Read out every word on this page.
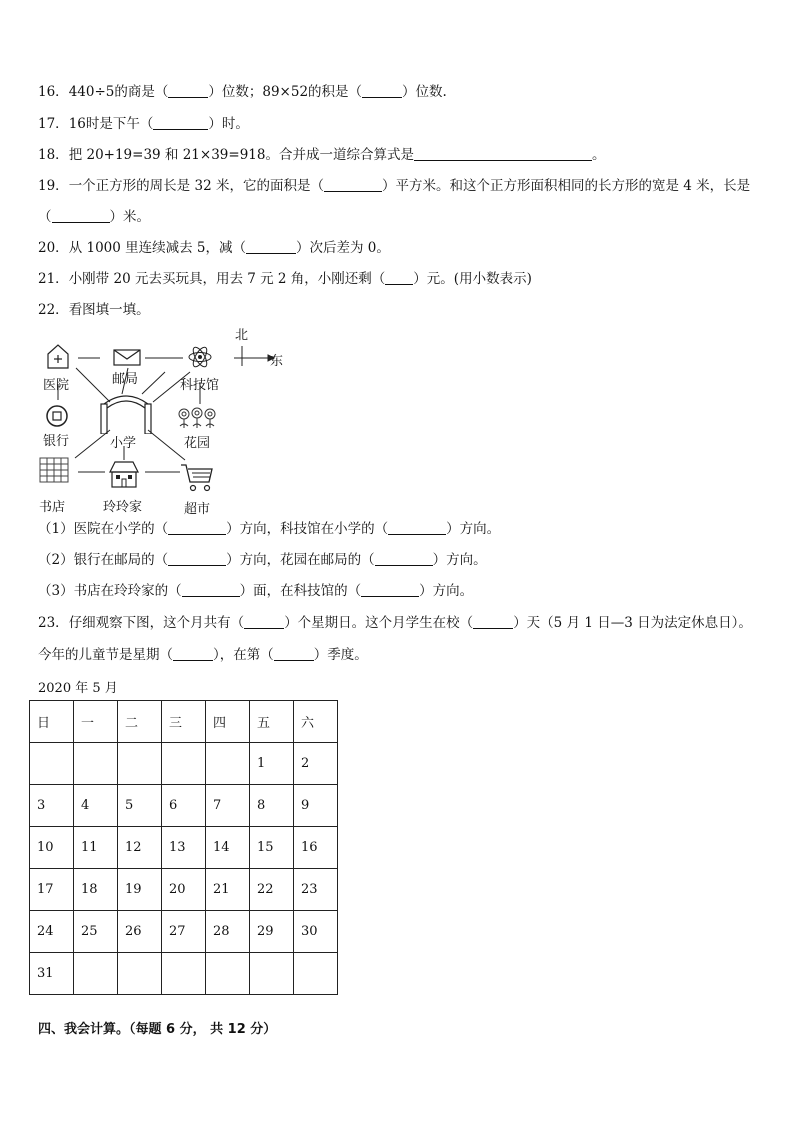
16．440÷5的商是（	）位数；89×52的积是（	）位数.
17．16时是下午（	）时。
18．把 20+19=39 和 21×39=918。合并成一道综合算式是	。
19．一个正方形的周长是 32 米，它的面积是（	）平方米。和这个正方形面积相同的长方形的宽是 4 米，长是
（	）米。
20．从 1000 里连续减去 5，减（	）次后差为 0。
21．小刚带 20 元去买玩具，用去 7 元 2 角，小刚还剩（ ）元。(用小数表示)
22．看图填一填。
医院	邮局	科技馆
银行	小学	花园
书店	玲玲家	超市
北
东
（1）医院在小学的（	）方向，科技馆在小学的（	）方向。
（2）银行在邮局的（	）方向，花园在邮局的（	）方向。
（3）书店在玲玲家的（	）面，在科技馆的（	）方向。
23．仔细观察下图，这个月共有（	）个星期日。这个月学生在校（	）天（5 月 1 日—3 日为法定休息日）。
今年的儿童节是星期（	），在第（	）季度。
2020 年 5 月
日	一	二	三	四	五	六
					1	2
3	4	5	6	7	8	9
10	11	12	13	14	15	16
17	18	19	20	21	22	23
24	25	26	27	28	29	30
31						
四、我会计算。（每题 6 分， 共 12 分）
